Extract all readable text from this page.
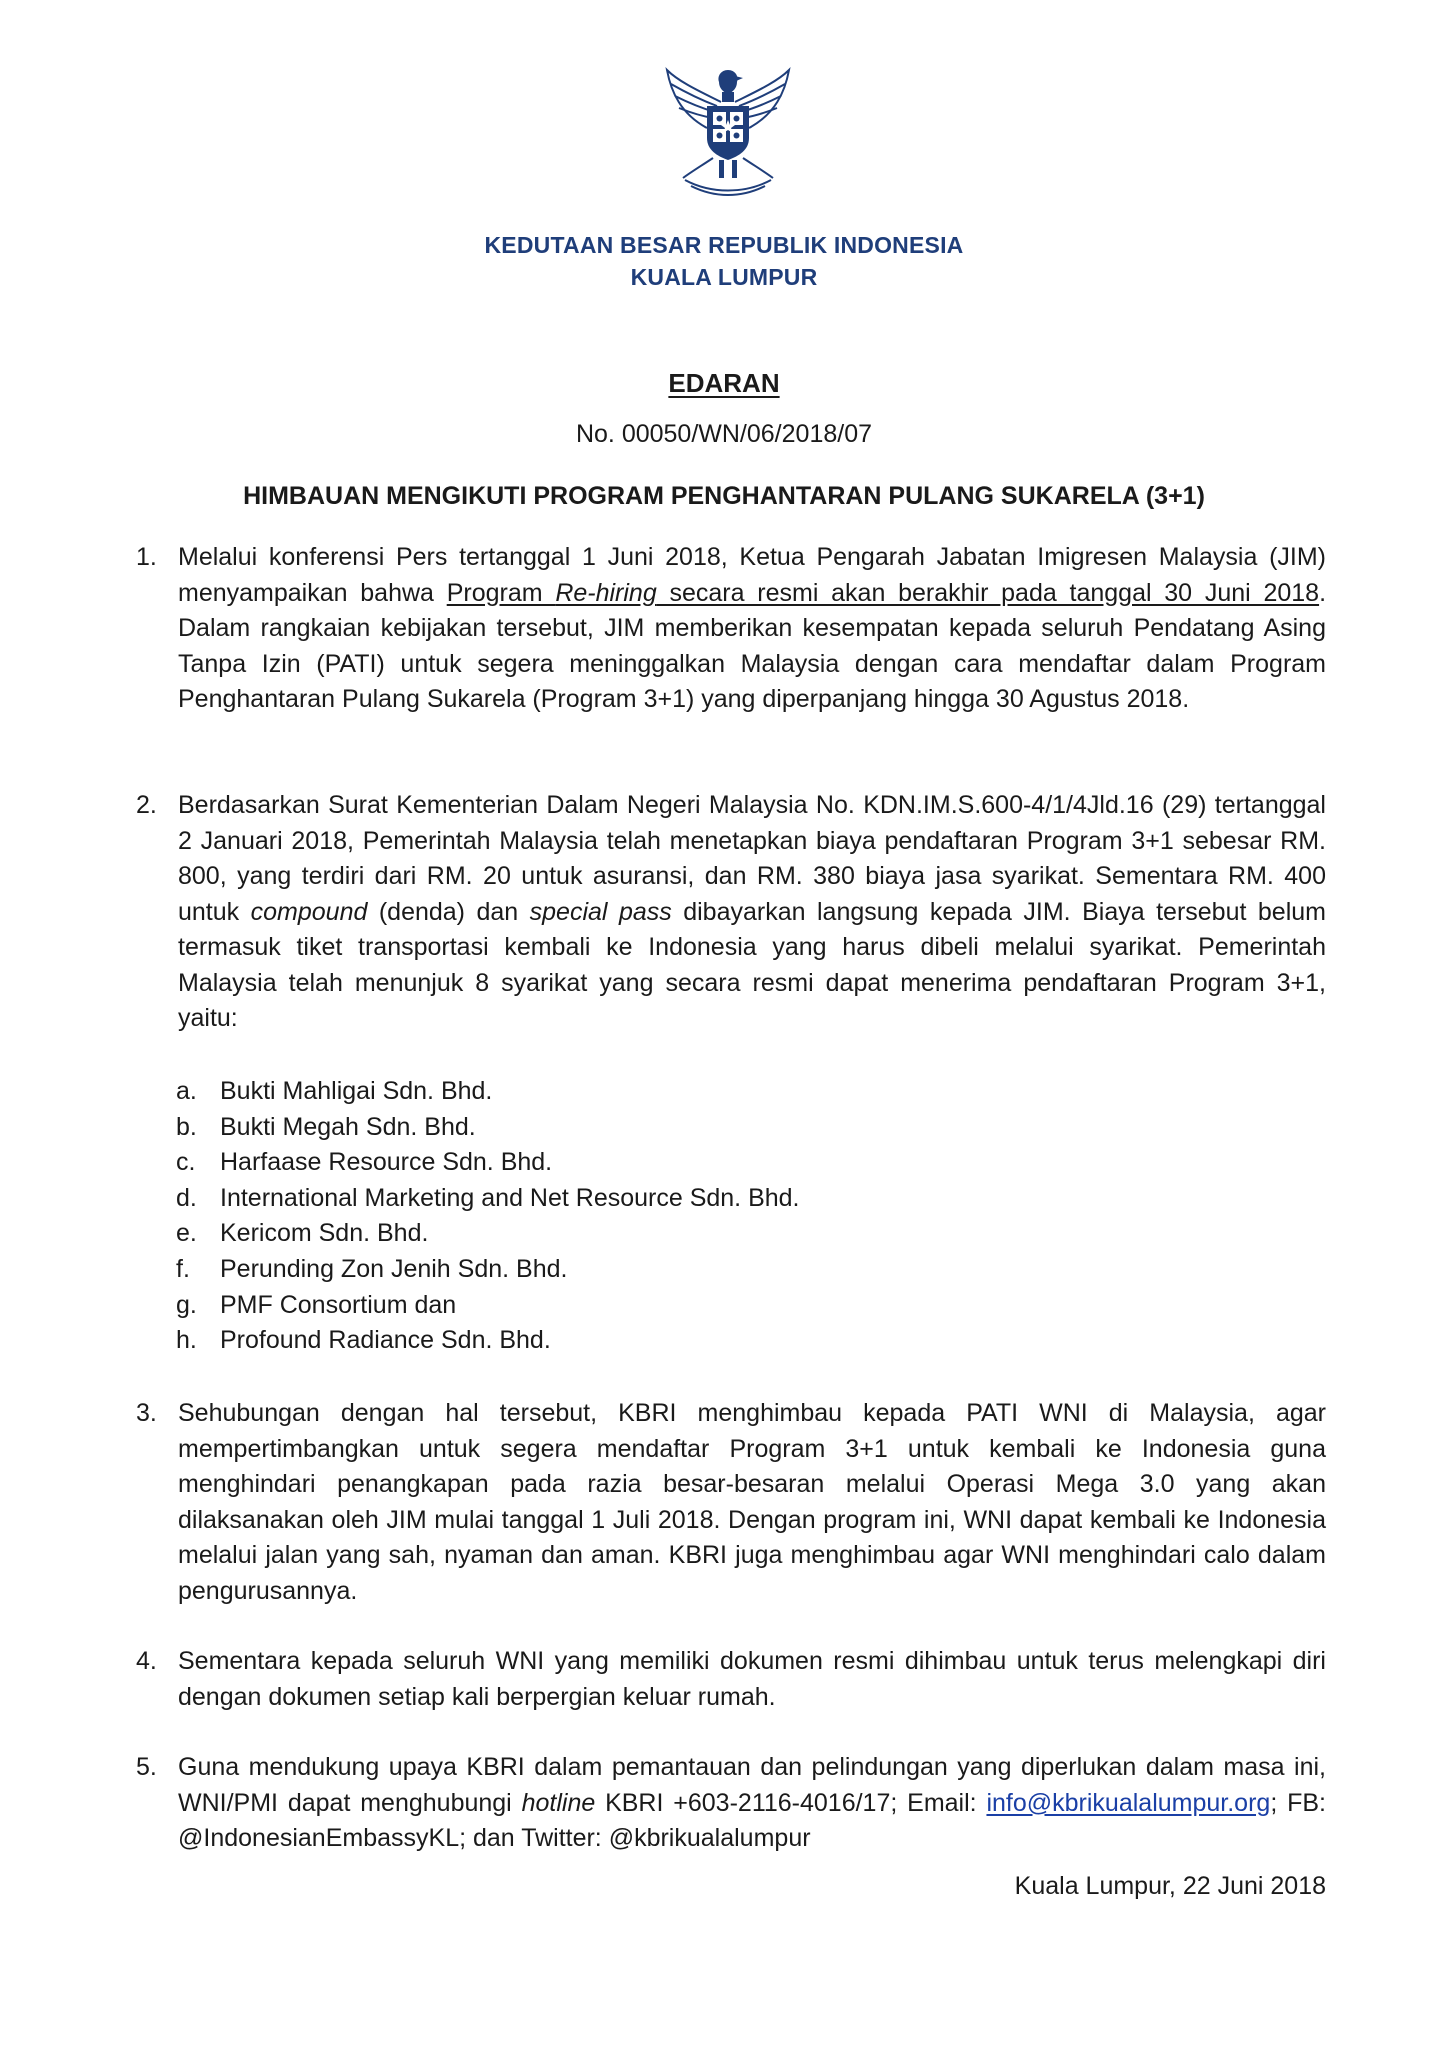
KEDUTAAN BESAR REPUBLIK INDONESIA
KUALA LUMPUR
EDARAN
No. 00050/WN/06/2018/07
HIMBAUAN MENGIKUTI PROGRAM PENGHANTARAN PULANG SUKARELA (3+1)
1. Melalui konferensi Pers tertanggal 1 Juni 2018, Ketua Pengarah Jabatan Imigresen Malaysia (JIM) menyampaikan bahwa Program Re-hiring secara resmi akan berakhir pada tanggal 30 Juni 2018. Dalam rangkaian kebijakan tersebut, JIM memberikan kesempatan kepada seluruh Pendatang Asing Tanpa Izin (PATI) untuk segera meninggalkan Malaysia dengan cara mendaftar dalam Program Penghantaran Pulang Sukarela (Program 3+1) yang diperpanjang hingga 30 Agustus 2018.
2. Berdasarkan Surat Kementerian Dalam Negeri Malaysia No. KDN.IM.S.600-4/1/4Jld.16 (29) tertanggal 2 Januari 2018, Pemerintah Malaysia telah menetapkan biaya pendaftaran Program 3+1 sebesar RM. 800, yang terdiri dari RM. 20 untuk asuransi, dan RM. 380 biaya jasa syarikat. Sementara RM. 400 untuk compound (denda) dan special pass dibayarkan langsung kepada JIM. Biaya tersebut belum termasuk tiket transportasi kembali ke Indonesia yang harus dibeli melalui syarikat. Pemerintah Malaysia telah menunjuk 8 syarikat yang secara resmi dapat menerima pendaftaran Program 3+1, yaitu:
a. Bukti Mahligai Sdn. Bhd.
b. Bukti Megah Sdn. Bhd.
c. Harfaase Resource Sdn. Bhd.
d. International Marketing and Net Resource Sdn. Bhd.
e. Kericom Sdn. Bhd.
f.	Perunding Zon Jenih Sdn. Bhd.
g. PMF Consortium dan
h. Profound Radiance Sdn. Bhd.
3. Sehubungan dengan hal tersebut, KBRI menghimbau kepada PATI WNI di Malaysia, agar mempertimbangkan untuk segera mendaftar Program 3+1 untuk kembali ke Indonesia guna menghindari penangkapan pada razia besar-besaran melalui Operasi Mega 3.0 yang akan dilaksanakan oleh JIM mulai tanggal 1 Juli 2018. Dengan program ini, WNI dapat kembali ke Indonesia melalui jalan yang sah, nyaman dan aman. KBRI juga menghimbau agar WNI menghindari calo dalam pengurusannya.
4. Sementara kepada seluruh WNI yang memiliki dokumen resmi dihimbau untuk terus melengkapi diri dengan dokumen setiap kali berpergian keluar rumah.
5. Guna mendukung upaya KBRI dalam pemantauan dan pelindungan yang diperlukan dalam masa ini, WNI/PMI dapat menghubungi hotline KBRI +603-2116-4016/17; Email: info@kbrikualalumpur.org; FB: @IndonesianEmbassyKL; dan Twitter: @kbrikualalumpur
Kuala Lumpur, 22 Juni 2018
